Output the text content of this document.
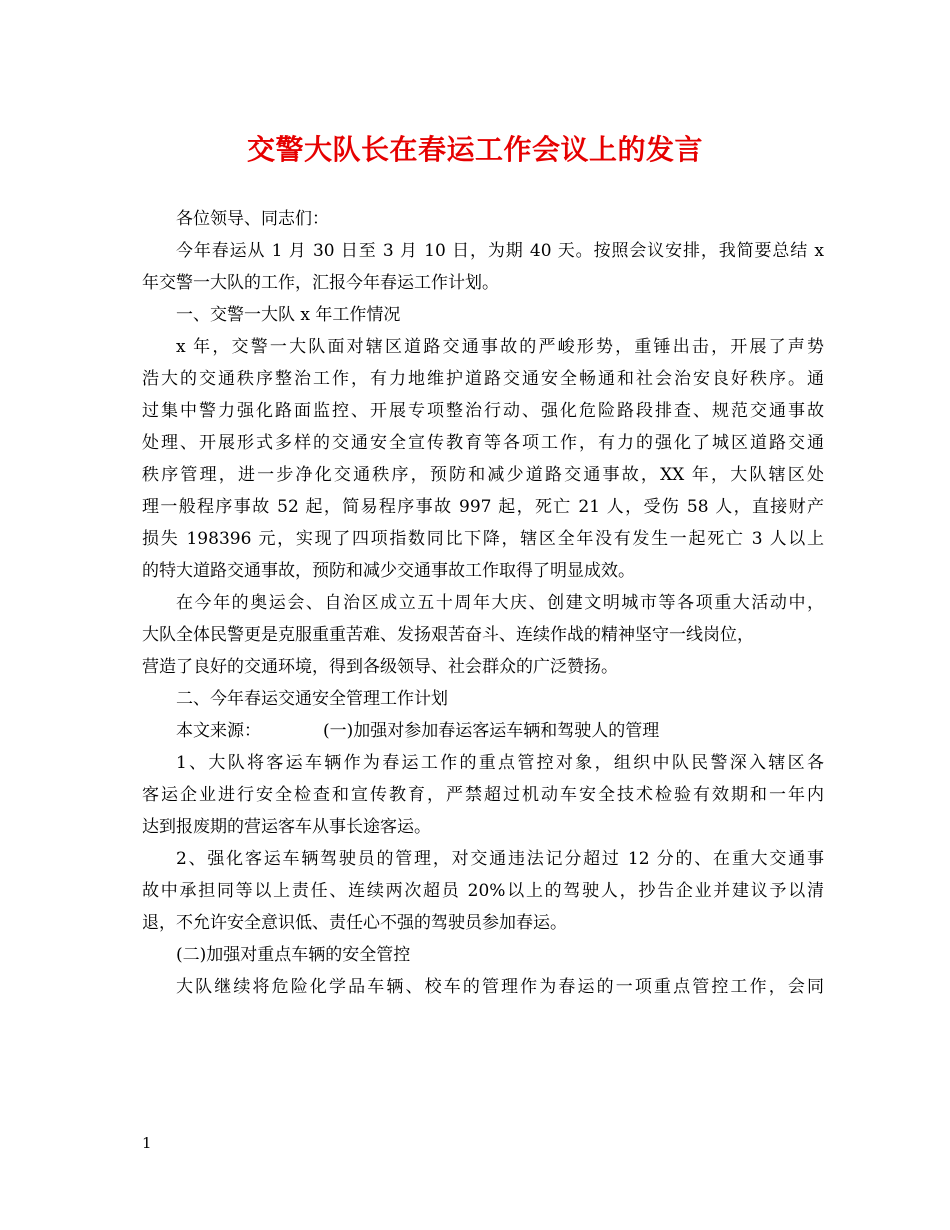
交警大队长在春运工作会议上的发言
各位领导、同志们：
今年春运从 1 月 30 日至 3 月 10 日，为期 40 天。按照会议安排，我简要总结 x
年交警一大队的工作，汇报今年春运工作计划。
一、交警一大队 x 年工作情况
x 年，交警一大队面对辖区道路交通事故的严峻形势，重锤出击，开展了声势
浩大的交通秩序整治工作，有力地维护道路交通安全畅通和社会治安良好秩序。通
过集中警力强化路面监控、开展专项整治行动、强化危险路段排查、规范交通事故
处理、开展形式多样的交通安全宣传教育等各项工作，有力的强化了城区道路交通
秩序管理，进一步净化交通秩序，预防和减少道路交通事故，XX 年，大队辖区处
理一般程序事故 52 起，简易程序事故 997 起，死亡 21 人，受伤 58 人，直接财产
损失 198396 元，实现了四项指数同比下降，辖区全年没有发生一起死亡 3 人以上
的特大道路交通事故，预防和减少交通事故工作取得了明显成效。
在今年的奥运会、自治区成立五十周年大庆、创建文明城市等各项重大活动中，
大队全体民警更是克服重重苦难、发扬艰苦奋斗、连续作战的精神坚守一线岗位，
营造了良好的交通环境，得到各级领导、社会群众的广泛赞扬。
二、今年春运交通安全管理工作计划
本文来源：	(一)加强对参加春运客运车辆和驾驶人的管理
1、大队将客运车辆作为春运工作的重点管控对象，组织中队民警深入辖区各
客运企业进行安全检查和宣传教育，严禁超过机动车安全技术检验有效期和一年内
达到报废期的营运客车从事长途客运。
2、强化客运车辆驾驶员的管理，对交通违法记分超过 12 分的、在重大交通事
故中承担同等以上责任、连续两次超员 20%以上的驾驶人，抄告企业并建议予以清
退，不允许安全意识低、责任心不强的驾驶员参加春运。
(二)加强对重点车辆的安全管控
大队继续将危险化学品车辆、校车的管理作为春运的一项重点管控工作，会同
1
